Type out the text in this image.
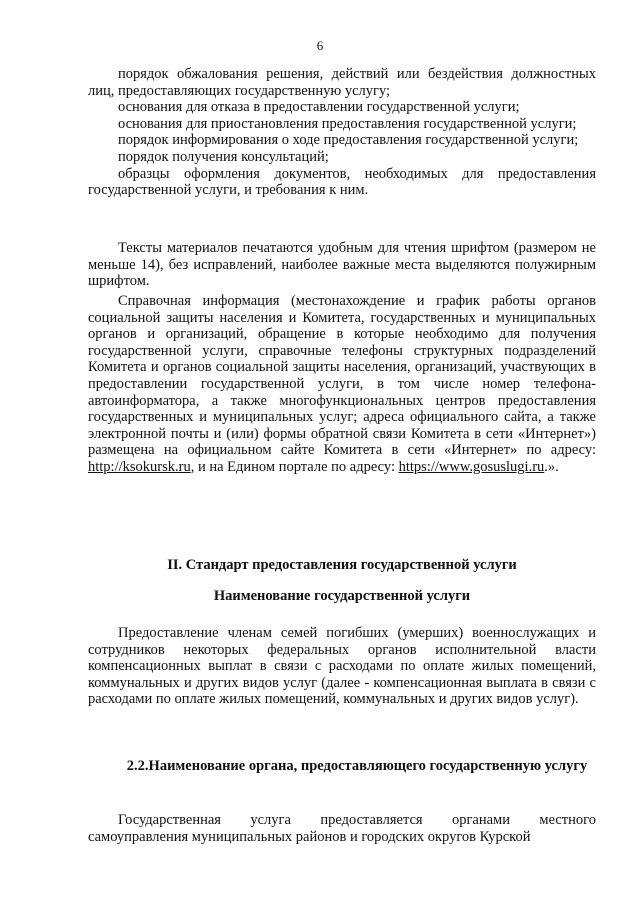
6

порядок обжалования решения, действий или бездействия должностных лиц, предоставляющих государственную услугу;

основания для отказа в предоставлении государственной услуги;

основания для приостановления предоставления государственной услуги;

порядок информирования о ходе предоставления государственной услуги;

порядок получения консультаций;

образцы оформления документов, необходимых для предоставления государственной услуги, и требования к ним.

Тексты материалов печатаются удобным для чтения шрифтом (размером не меньше 14), без исправлений, наиболее важные места выделяются полужирным шрифтом.

Справочная информация (местонахождение и график работы органов социальной защиты населения и Комитета, государственных и муниципальных органов и организаций, обращение в которые необходимо для получения государственной услуги, справочные телефоны структурных подразделений Комитета и органов социальной защиты населения, организаций, участвующих в предоставлении государственной услуги, в том числе номер телефона-автоинформатора, а также многофункциональных центров предоставления государственных и муниципальных услуг; адреса официального сайта, а также электронной почты и (или) формы обратной связи Комитета в сети «Интернет») размещена на официальном сайте Комитета в сети «Интернет» по адресу: http://ksokursk.ru, и на Едином портале по адресу: https://www.gosuslugi.ru.».

II. Стандарт предоставления государственной услуги
Наименование государственной услуги

Предоставление членам семей погибших (умерших) военнослужащих и сотрудников некоторых федеральных органов исполнительной власти компенсационных выплат в связи с расходами по оплате жилых помещений, коммунальных и других видов услуг (далее - компенсационная выплата в связи с расходами по оплате жилых помещений, коммунальных и других видов услуг).

2.2.Наименование органа, предоставляющего государственную услугу

Государственная услуга предоставляется органами местного самоуправления муниципальных районов и городских округов Курской
